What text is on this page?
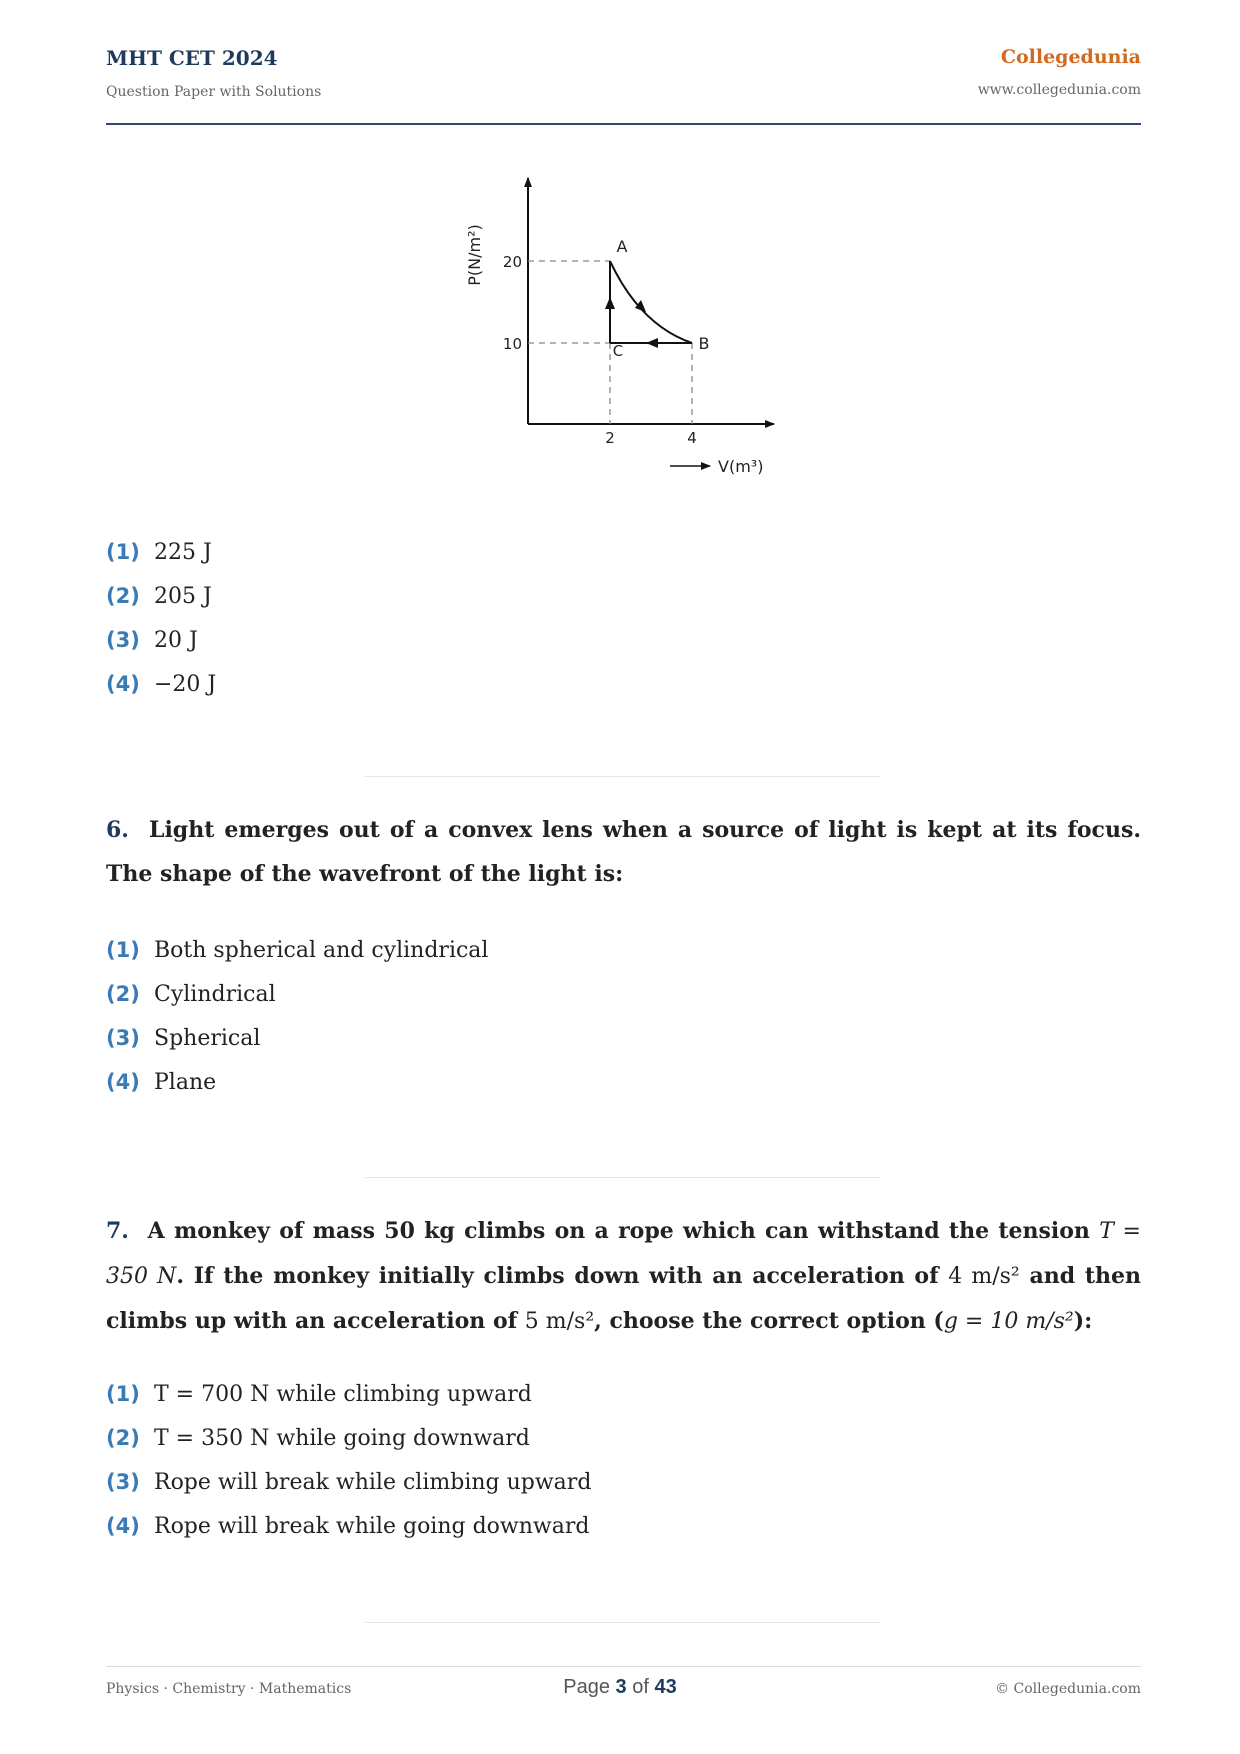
MHT CET 2024
Question Paper with Solutions
Collegedunia
www.collegedunia.com
20
10
2	4
A
B
C
P(N/m²)
V(m³)
(1) 225 J
(2) 205 J
(3) 20 J
(4) −20 J
6. Light emerges out of a convex lens when a source of light is kept at its focus. The shape of the wavefront of the light is:
(1) Both spherical and cylindrical
(2) Cylindrical
(3) Spherical
(4) Plane
7. A monkey of mass 50 kg climbs on a rope which can withstand the tension T = 350 N. If the monkey initially climbs down with an acceleration of 4 m/s² and then climbs up with an acceleration of 5 m/s², choose the correct option (g = 10 m/s²):
(1) T = 700 N while climbing upward
(2) T = 350 N while going downward
(3) Rope will break while climbing upward
(4) Rope will break while going downward
Physics · Chemistry · Mathematics	Page 3 of 43	© Collegedunia.com
